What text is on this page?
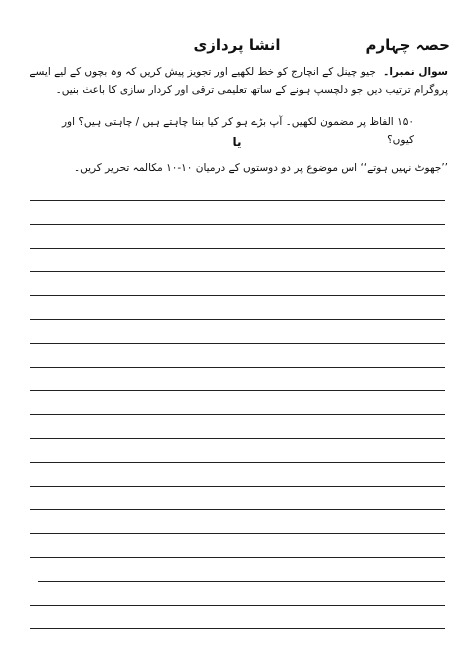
حصہ چہارم
انشا پردازی
سوال نمبرا۔ جیو چینل کے انچارج کو خط لکھیے اور تجویز پیش کریں کہ وہ بچوں کے لیے ایسے پروگرام ترتیب دیں جو دلچسپ ہونے کے ساتھ تعلیمی ترقی اور کردار سازی کا باعث بنیں۔
۱۵۰ الفاظ پر مضمون لکھیں۔ آپ بڑے ہو کر کیا بننا چاہتے ہیں / چاہتی ہیں؟ اور کیوں؟
یا
’’جھوٹ نہیں ہوتے‘‘ اس موضوع پر دو دوستوں کے درمیان ۱۰-۱۰ مکالمہ تحریر کریں۔
